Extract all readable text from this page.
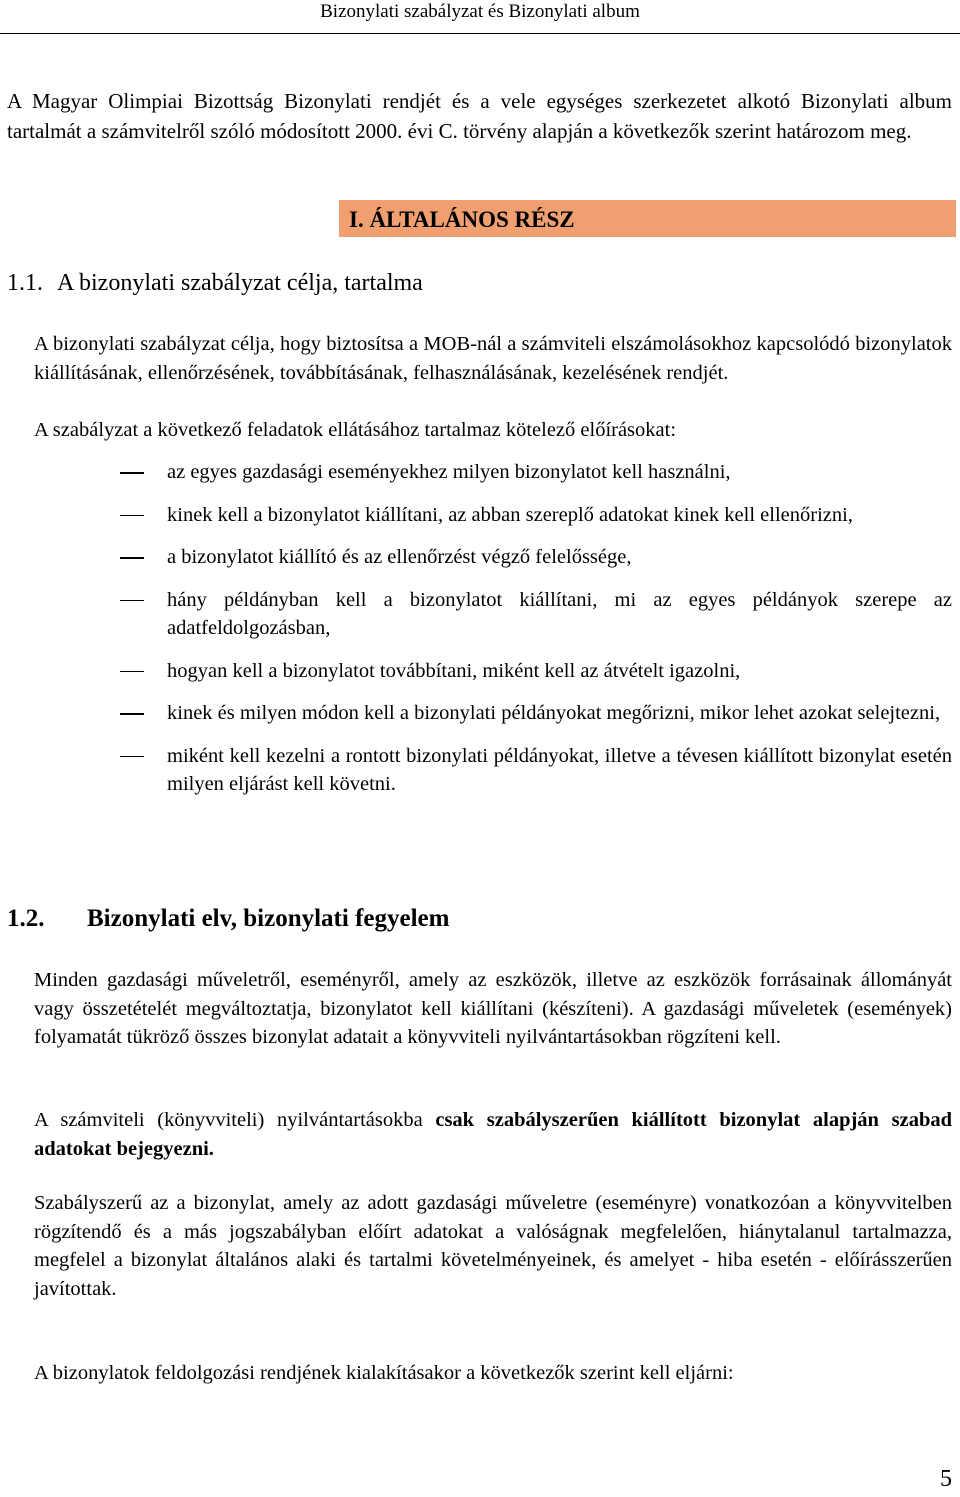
Bizonylati szabályzat és Bizonylati album
A Magyar Olimpiai Bizottság Bizonylati rendjét és a vele egységes szerkezetet alkotó Bizonylati album tartalmát a számvitelről szóló módosított 2000. évi C. törvény alapján a következők szerint határozom meg.
I. ÁLTALÁNOS RÉSZ
1.1. A bizonylati szabályzat célja, tartalma
A bizonylati szabályzat célja, hogy biztosítsa a MOB-nál a számviteli elszámolásokhoz kapcsolódó bizonylatok kiállításának, ellenőrzésének, továbbításának, felhasználásának, kezelésének rendjét.
A szabályzat a következő feladatok ellátásához tartalmaz kötelező előírásokat:
az egyes gazdasági eseményekhez milyen bizonylatot kell használni,
kinek kell a bizonylatot kiállítani, az abban szereplő adatokat kinek kell ellenőrizni,
a bizonylatot kiállító és az ellenőrzést végző felelőssége,
hány példányban kell a bizonylatot kiállítani, mi az egyes példányok szerepe az adatfeldolgozásban,
hogyan kell a bizonylatot továbbítani, miként kell az átvételt igazolni,
kinek és milyen módon kell a bizonylati példányokat megőrizni, mikor lehet azokat selejtezni,
miként kell kezelni a rontott bizonylati példányokat, illetve a tévesen kiállított bizonylat esetén milyen eljárást kell követni.
1.2. Bizonylati elv, bizonylati fegyelem
Minden gazdasági műveletről, eseményről, amely az eszközök, illetve az eszközök forrásainak állományát vagy összetételét megváltoztatja, bizonylatot kell kiállítani (készíteni). A gazdasági műveletek (események) folyamatát tükröző összes bizonylat adatait a könyvviteli nyilvántartásokban rögzíteni kell.
A számviteli (könyvviteli) nyilvántartásokba csak szabályszerűen kiállított bizonylat alapján szabad adatokat bejegyezni.
Szabályszerű az a bizonylat, amely az adott gazdasági műveletre (eseményre) vonatkozóan a könyvvitelben rögzítendő és a más jogszabályban előírt adatokat a valóságnak megfelelően, hiánytalanul tartalmazza, megfelel a bizonylat általános alaki és tartalmi követelményeinek, és amelyet - hiba esetén - előírásszerűen javítottak.
A bizonylatok feldolgozási rendjének kialakításakor a következők szerint kell eljárni:
5
